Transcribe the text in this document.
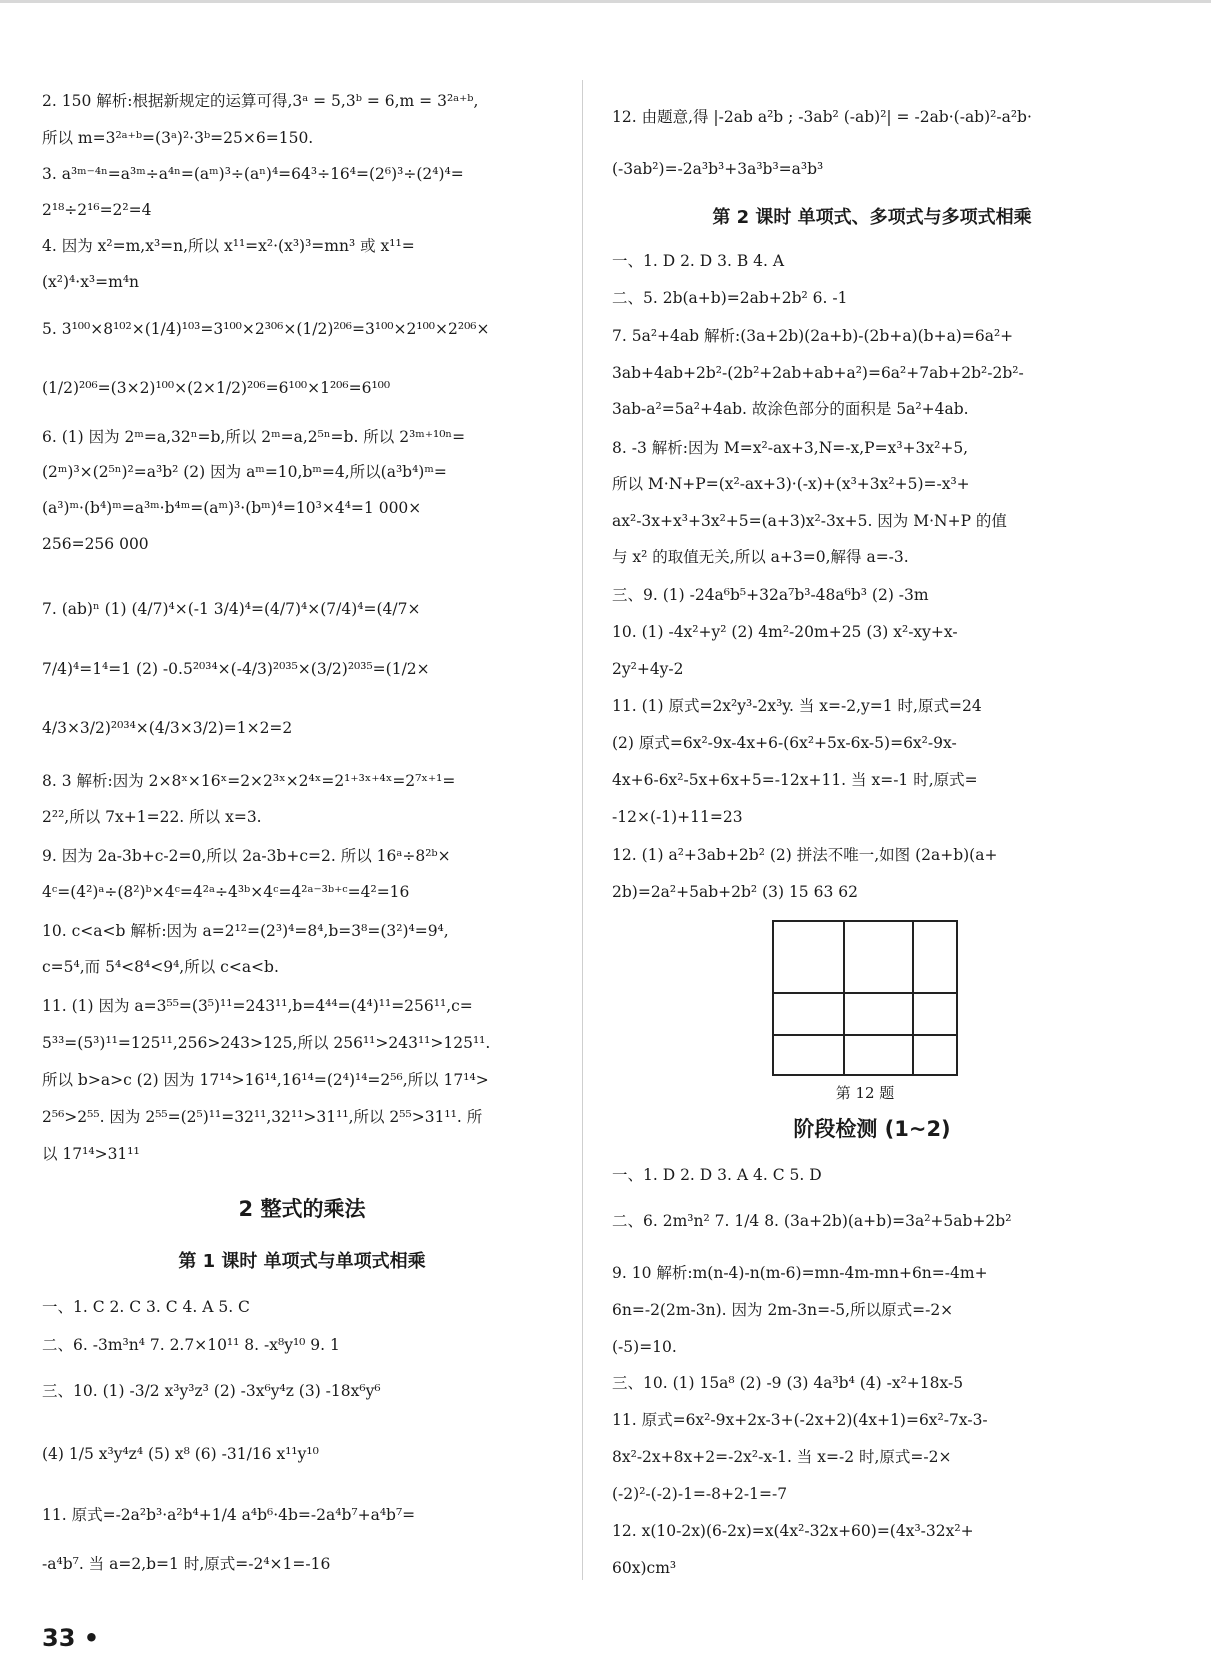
2. 150 解析:根据新规定的运算可得,3ᵃ = 5,3ᵇ = 6,m = 3²ᵃ⁺ᵇ,
所以 m=3²ᵃ⁺ᵇ=(3ᵃ)²·3ᵇ=25×6=150.
3. a³ᵐ⁻⁴ⁿ=a³ᵐ÷a⁴ⁿ=(aᵐ)³÷(aⁿ)⁴=64³÷16⁴=(2⁶)³÷(2⁴)⁴=
2¹⁸÷2¹⁶=2²=4
4. 因为 x²=m,x³=n,所以 x¹¹=x²·(x³)³=mn³ 或 x¹¹=
(x²)⁴·x³=m⁴n
5. 3¹⁰⁰×8¹⁰²×(1/4)¹⁰³=3¹⁰⁰×2³⁰⁶×(1/2)²⁰⁶=3¹⁰⁰×2¹⁰⁰×2²⁰⁶×
(1/2)²⁰⁶=(3×2)¹⁰⁰×(2×1/2)²⁰⁶=6¹⁰⁰×1²⁰⁶=6¹⁰⁰
6. (1) 因为 2ᵐ=a,32ⁿ=b,所以 2ᵐ=a,2⁵ⁿ=b. 所以 2³ᵐ⁺¹⁰ⁿ=
(2ᵐ)³×(2⁵ⁿ)²=a³b² (2) 因为 aᵐ=10,bᵐ=4,所以(a³b⁴)ᵐ=
(a³)ᵐ·(b⁴)ᵐ=a³ᵐ·b⁴ᵐ=(aᵐ)³·(bᵐ)⁴=10³×4⁴=1 000×
256=256 000
7. (ab)ⁿ (1) (4/7)⁴×(-1 3/4)⁴=(4/7)⁴×(7/4)⁴=(4/7×
7/4)⁴=1⁴=1 (2) -0.5²⁰³⁴×(-4/3)²⁰³⁵×(3/2)²⁰³⁵=(1/2×
4/3×3/2)²⁰³⁴×(4/3×3/2)=1×2=2
8. 3 解析:因为 2×8ˣ×16ˣ=2×2³ˣ×2⁴ˣ=2¹⁺³ˣ⁺⁴ˣ=2⁷ˣ⁺¹=
2²²,所以 7x+1=22. 所以 x=3.
9. 因为 2a-3b+c-2=0,所以 2a-3b+c=2. 所以 16ᵃ÷8²ᵇ×
4ᶜ=(4²)ᵃ÷(8²)ᵇ×4ᶜ=4²ᵃ÷4³ᵇ×4ᶜ=4²ᵃ⁻³ᵇ⁺ᶜ=4²=16
10. c<a<b 解析:因为 a=2¹²=(2³)⁴=8⁴,b=3⁸=(3²)⁴=9⁴,
c=5⁴,而 5⁴<8⁴<9⁴,所以 c<a<b.
11. (1) 因为 a=3⁵⁵=(3⁵)¹¹=243¹¹,b=4⁴⁴=(4⁴)¹¹=256¹¹,c=
5³³=(5³)¹¹=125¹¹,256>243>125,所以 256¹¹>243¹¹>125¹¹.
所以 b>a>c (2) 因为 17¹⁴>16¹⁴,16¹⁴=(2⁴)¹⁴=2⁵⁶,所以 17¹⁴>
2⁵⁶>2⁵⁵. 因为 2⁵⁵=(2⁵)¹¹=32¹¹,32¹¹>31¹¹,所以 2⁵⁵>31¹¹. 所
以 17¹⁴>31¹¹
2 整式的乘法
第 1 课时 单项式与单项式相乘
一、1. C 2. C 3. C 4. A 5. C
二、6. -3m³n⁴ 7. 2.7×10¹¹ 8. -x⁸y¹⁰ 9. 1
三、10. (1) -3/2 x³y³z³ (2) -3x⁶y⁴z (3) -18x⁶y⁶
(4) 1/5 x³y⁴z⁴ (5) x⁸ (6) -31/16 x¹¹y¹⁰
11. 原式=-2a²b³·a²b⁴+1/4 a⁴b⁶·4b=-2a⁴b⁷+a⁴b⁷=
-a⁴b⁷. 当 a=2,b=1 时,原式=-2⁴×1=-16
33 •
12. 由题意,得 |-2ab a²b ; -3ab² (-ab)²| = -2ab·(-ab)²-a²b·
(-3ab²)=-2a³b³+3a³b³=a³b³
第 2 课时 单项式、多项式与多项式相乘
一、1. D 2. D 3. B 4. A
二、5. 2b(a+b)=2ab+2b² 6. -1
7. 5a²+4ab 解析:(3a+2b)(2a+b)-(2b+a)(b+a)=6a²+
3ab+4ab+2b²-(2b²+2ab+ab+a²)=6a²+7ab+2b²-2b²-
3ab-a²=5a²+4ab. 故涂色部分的面积是 5a²+4ab.
8. -3 解析:因为 M=x²-ax+3,N=-x,P=x³+3x²+5,
所以 M·N+P=(x²-ax+3)·(-x)+(x³+3x²+5)=-x³+
ax²-3x+x³+3x²+5=(a+3)x²-3x+5. 因为 M·N+P 的值
与 x² 的取值无关,所以 a+3=0,解得 a=-3.
三、9. (1) -24a⁶b⁵+32a⁷b³-48a⁶b³ (2) -3m
10. (1) -4x²+y² (2) 4m²-20m+25 (3) x²-xy+x-
2y²+4y-2
11. (1) 原式=2x²y³-2x³y. 当 x=-2,y=1 时,原式=24
(2) 原式=6x²-9x-4x+6-(6x²+5x-6x-5)=6x²-9x-
4x+6-6x²-5x+6x+5=-12x+11. 当 x=-1 时,原式=
-12×(-1)+11=23
12. (1) a²+3ab+2b² (2) 拼法不唯一,如图 (2a+b)(a+
2b)=2a²+5ab+2b² (3) 15 63 62
第 12 题
阶段检测 (1~2)
一、1. D 2. D 3. A 4. C 5. D
二、6. 2m³n² 7. 1/4 8. (3a+2b)(a+b)=3a²+5ab+2b²
9. 10 解析:m(n-4)-n(m-6)=mn-4m-mn+6n=-4m+
6n=-2(2m-3n). 因为 2m-3n=-5,所以原式=-2×
(-5)=10.
三、10. (1) 15a⁸ (2) -9 (3) 4a³b⁴ (4) -x²+18x-5
11. 原式=6x²-9x+2x-3+(-2x+2)(4x+1)=6x²-7x-3-
8x²-2x+8x+2=-2x²-x-1. 当 x=-2 时,原式=-2×
(-2)²-(-2)-1=-8+2-1=-7
12. x(10-2x)(6-2x)=x(4x²-32x+60)=(4x³-32x²+
60x)cm³
